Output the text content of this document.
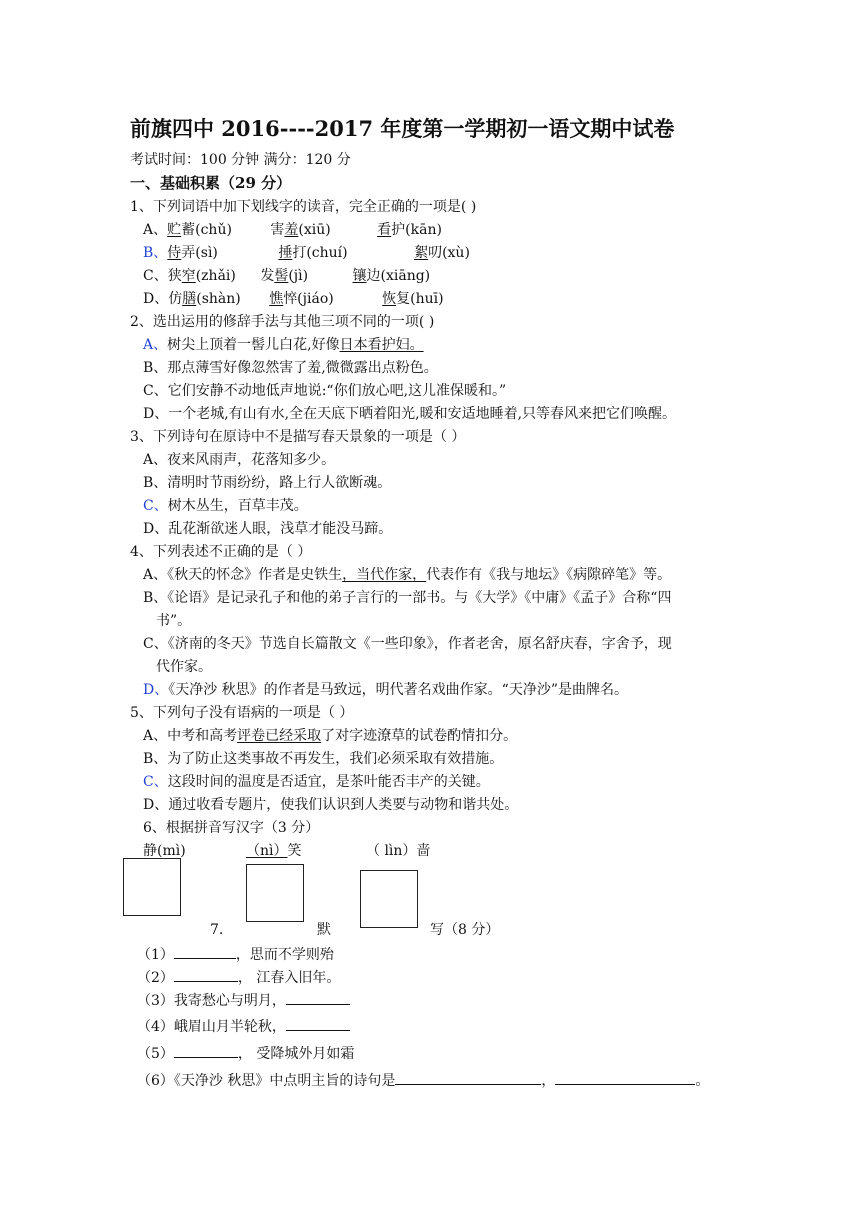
前旗四中 2016----2017 年度第一学期初一语文期中试卷
考试时间：100 分钟 满分：120 分
一、基础积累（29 分）
1、下列词语中加下划线字的读音，完全正确的一项是( )
A、贮蓄(chǔ)	害羞(xiū)	看护(kān)
B、侍弄(sì)	捶打(chuí)	絮叨(xù)
C、狭窄(zhǎi) 发髻(jì)	镶边(xiāng)
D、仿膳(shàn) 憔悴(jiáo)	恢复(huī)
2、选出运用的修辞手法与其他三项不同的一项( )
A、树尖上顶着一髻儿白花,好像日本看护妇。
B、那点薄雪好像忽然害了羞,微微露出点粉色。
C、它们安静不动地低声地说:“你们放心吧,这儿准保暖和。”
D、一个老城,有山有水,全在天底下晒着阳光,暖和安适地睡着,只等春风来把它们唤醒。
3、下列诗句在原诗中不是描写春天景象的一项是（ ）
A、夜来风雨声，花落知多少。
B、清明时节雨纷纷，路上行人欲断魂。
C、树木丛生，百草丰茂。
D、乱花渐欲迷人眼，浅草才能没马蹄。
4、下列表述不正确的是（ ）
A、《秋天的怀念》作者是史铁生，当代作家，代表作有《我与地坛》《病隙碎笔》等。
B、《论语》是记录孔子和他的弟子言行的一部书。与《大学》《中庸》《孟子》合称“四
书”。
C、《济南的冬天》节选自长篇散文《一些印象》，作者老舍，原名舒庆春，字舍予，现
代作家。
D、《天净沙 秋思》的作者是马致远，明代著名戏曲作家。“天净沙”是曲牌名。
5、下列句子没有语病的一项是（ ）
A、中考和高考评卷已经采取了对字迹潦草的试卷酌情扣分。
B、为了防止这类事故不再发生，我们必须采取有效措施。
C、这段时间的温度是否适宜，是茶叶能否丰产的关键。
D、通过收看专题片，使我们认识到人类要与动物和谐共处。
6、根据拼音写汉字（3 分）
静(mì)	（nì）笑	（ lìn）啬
7.	默	写（8 分）
（1）	，思而不学则殆
（2）	， 江春入旧年。
（3）我寄愁心与明月，
（4）峨眉山月半轮秋，
（5）	， 受降城外月如霜
（6）《天净沙 秋思》中点明主旨的诗句是	，	。
